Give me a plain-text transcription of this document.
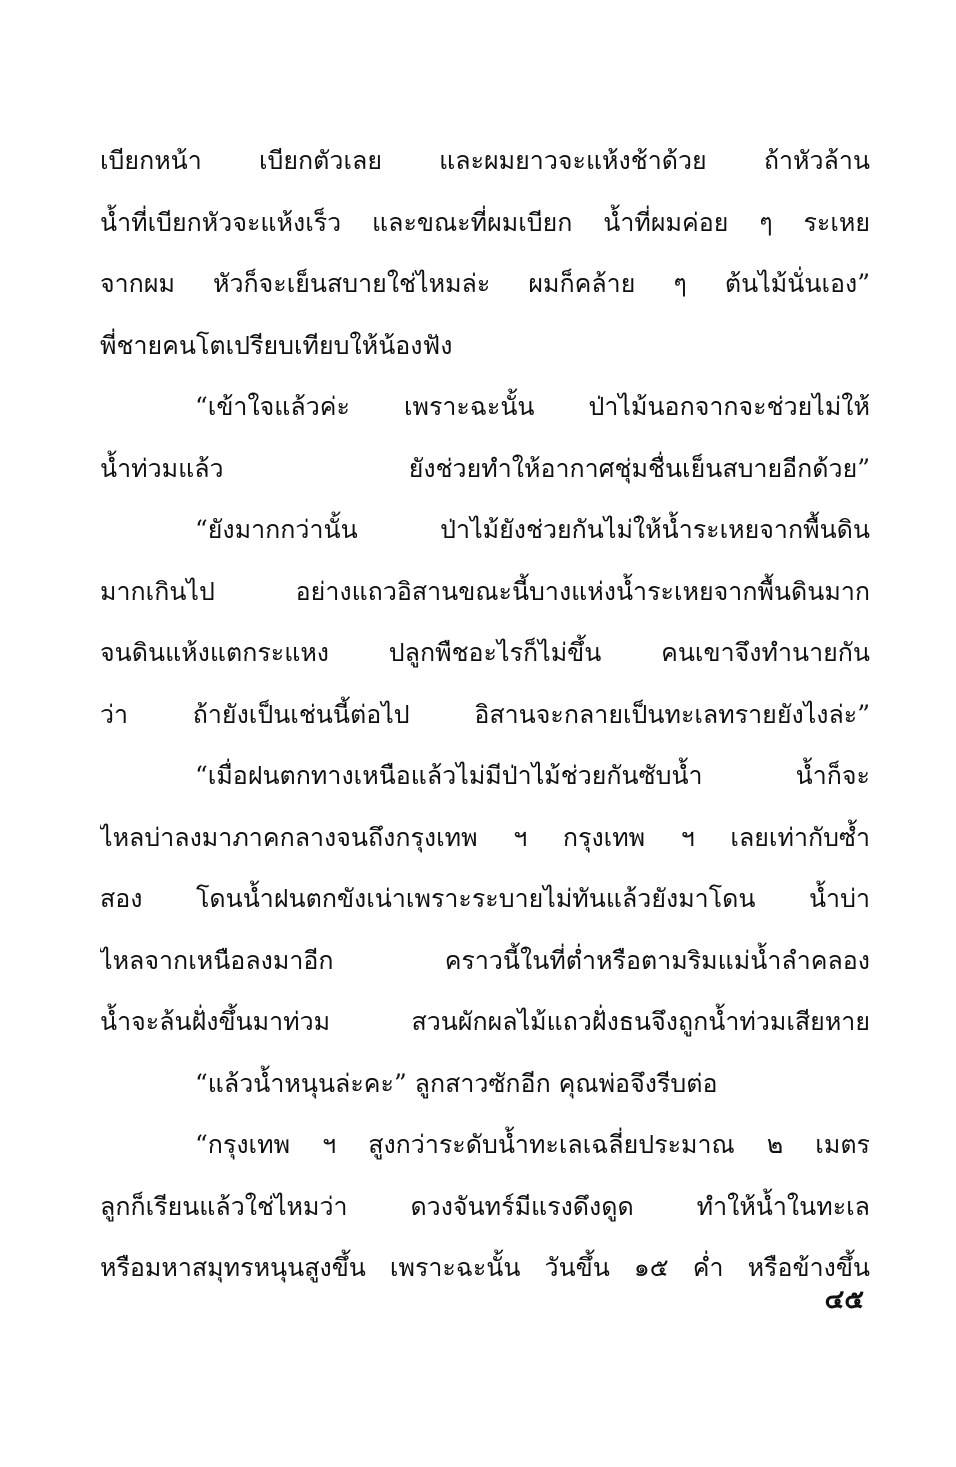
เบียกหน้า เบียกตัวเลย และผมยาวจะแห้งช้าด้วย ถ้าหัวล้าน
น้ำที่เบียกหัวจะแห้งเร็ว และขณะที่ผมเบียก น้ำที่ผมค่อย ๆ ระเหย
จากผม หัวก็จะเย็นสบายใช่ไหมล่ะ ผมก็คล้าย ๆ ต้นไม้นั่นเอง”
พี่ชายคนโตเปรียบเทียบให้น้องฟัง
“เข้าใจแล้วค่ะ เพราะฉะนั้น ป่าไม้นอกจากจะช่วยไม่ให้
น้ำท่วมแล้ว ยังช่วยทำให้อากาศชุ่มชื่นเย็นสบายอีกด้วย”
“ยังมากกว่านั้น ป่าไม้ยังช่วยกันไม่ให้น้ำระเหยจากพื้นดิน
มากเกินไป อย่างแถวอิสานขณะนี้บางแห่งน้ำระเหยจากพื้นดินมาก
จนดินแห้งแตกระแหง ปลูกพืชอะไรก็ไม่ขึ้น คนเขาจึงทำนายกัน
ว่า ถ้ายังเป็นเช่นนี้ต่อไป อิสานจะกลายเป็นทะเลทรายยังไงล่ะ”
“เมื่อฝนตกทางเหนือแล้วไม่มีป่าไม้ช่วยกันซับน้ำ น้ำก็จะ
ไหลบ่าลงมาภาคกลางจนถึงกรุงเทพ ฯ กรุงเทพ ฯ เลยเท่ากับซ้ำ
สอง โดนน้ำฝนตกขังเน่าเพราะระบายไม่ทันแล้วยังมาโดน น้ำบ่า
ไหลจากเหนือลงมาอีก คราวนี้ในที่ต่ำหรือตามริมแม่น้ำลำคลอง
น้ำจะล้นฝั่งขึ้นมาท่วม สวนผักผลไม้แถวฝั่งธนจึงถูกน้ำท่วมเสียหาย
“แล้วน้ำหนุนล่ะคะ” ลูกสาวซักอีก คุณพ่อจึงรีบต่อ
“กรุงเทพ ฯ สูงกว่าระดับน้ำทะเลเฉลี่ยประมาณ ๒ เมตร
ลูกก็เรียนแล้วใช่ไหมว่า ดวงจันทร์มีแรงดึงดูด ทำให้น้ำในทะเล
หรือมหาสมุทรหนุนสูงขึ้น เพราะฉะนั้น วันขึ้น ๑๕ ค่ำ หรือข้างขึ้น
๔๕
